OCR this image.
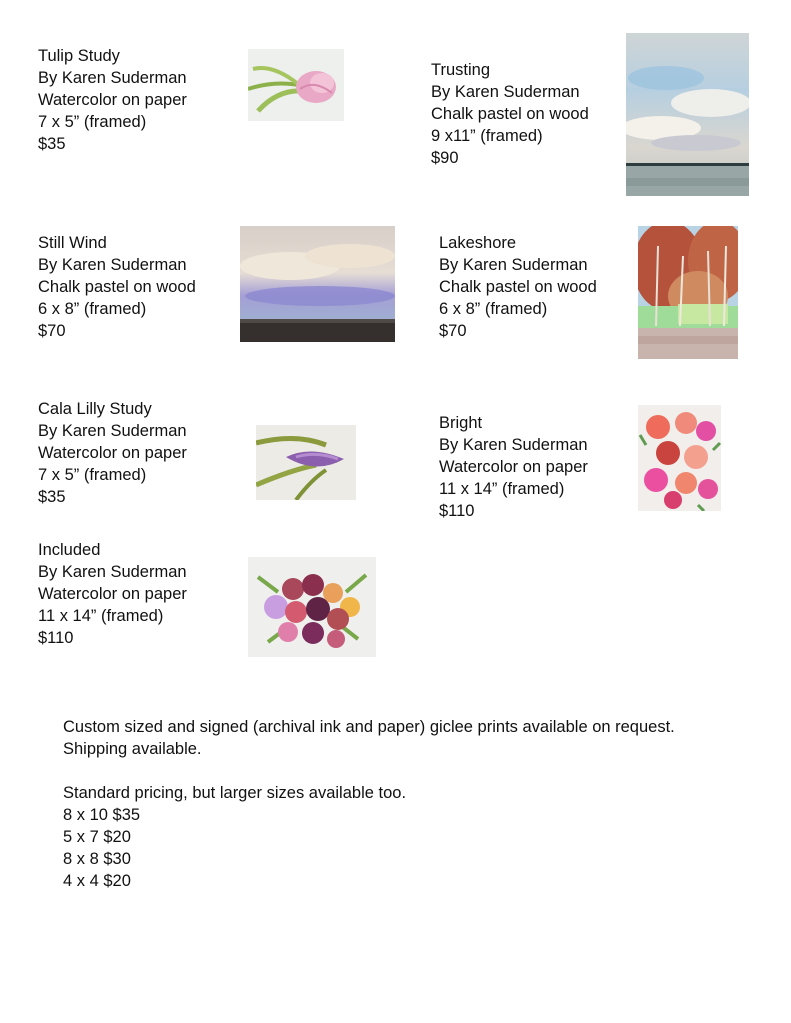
Tulip Study
By Karen Suderman
Watercolor on paper
7 x 5” (framed)
$35
Trusting
By Karen Suderman
Chalk pastel on wood
9 x11” (framed)
$90
Still Wind
By Karen Suderman
Chalk pastel on wood
6 x 8” (framed)
$70
Lakeshore
By Karen Suderman
Chalk pastel on wood
6 x 8” (framed)
$70
Cala Lilly Study
By Karen Suderman
Watercolor on paper
7 x 5” (framed)
$35
Bright
By Karen Suderman
Watercolor on paper
11 x 14” (framed)
$110
Included
By Karen Suderman
Watercolor on paper
11 x 14” (framed)
$110

Custom sized and signed (archival ink and paper) giclee prints available on request. Shipping available.

Standard pricing, but larger sizes available too.

8 x 10 $35

5 x 7 $20

8 x 8 $30

4 x 4 $20
